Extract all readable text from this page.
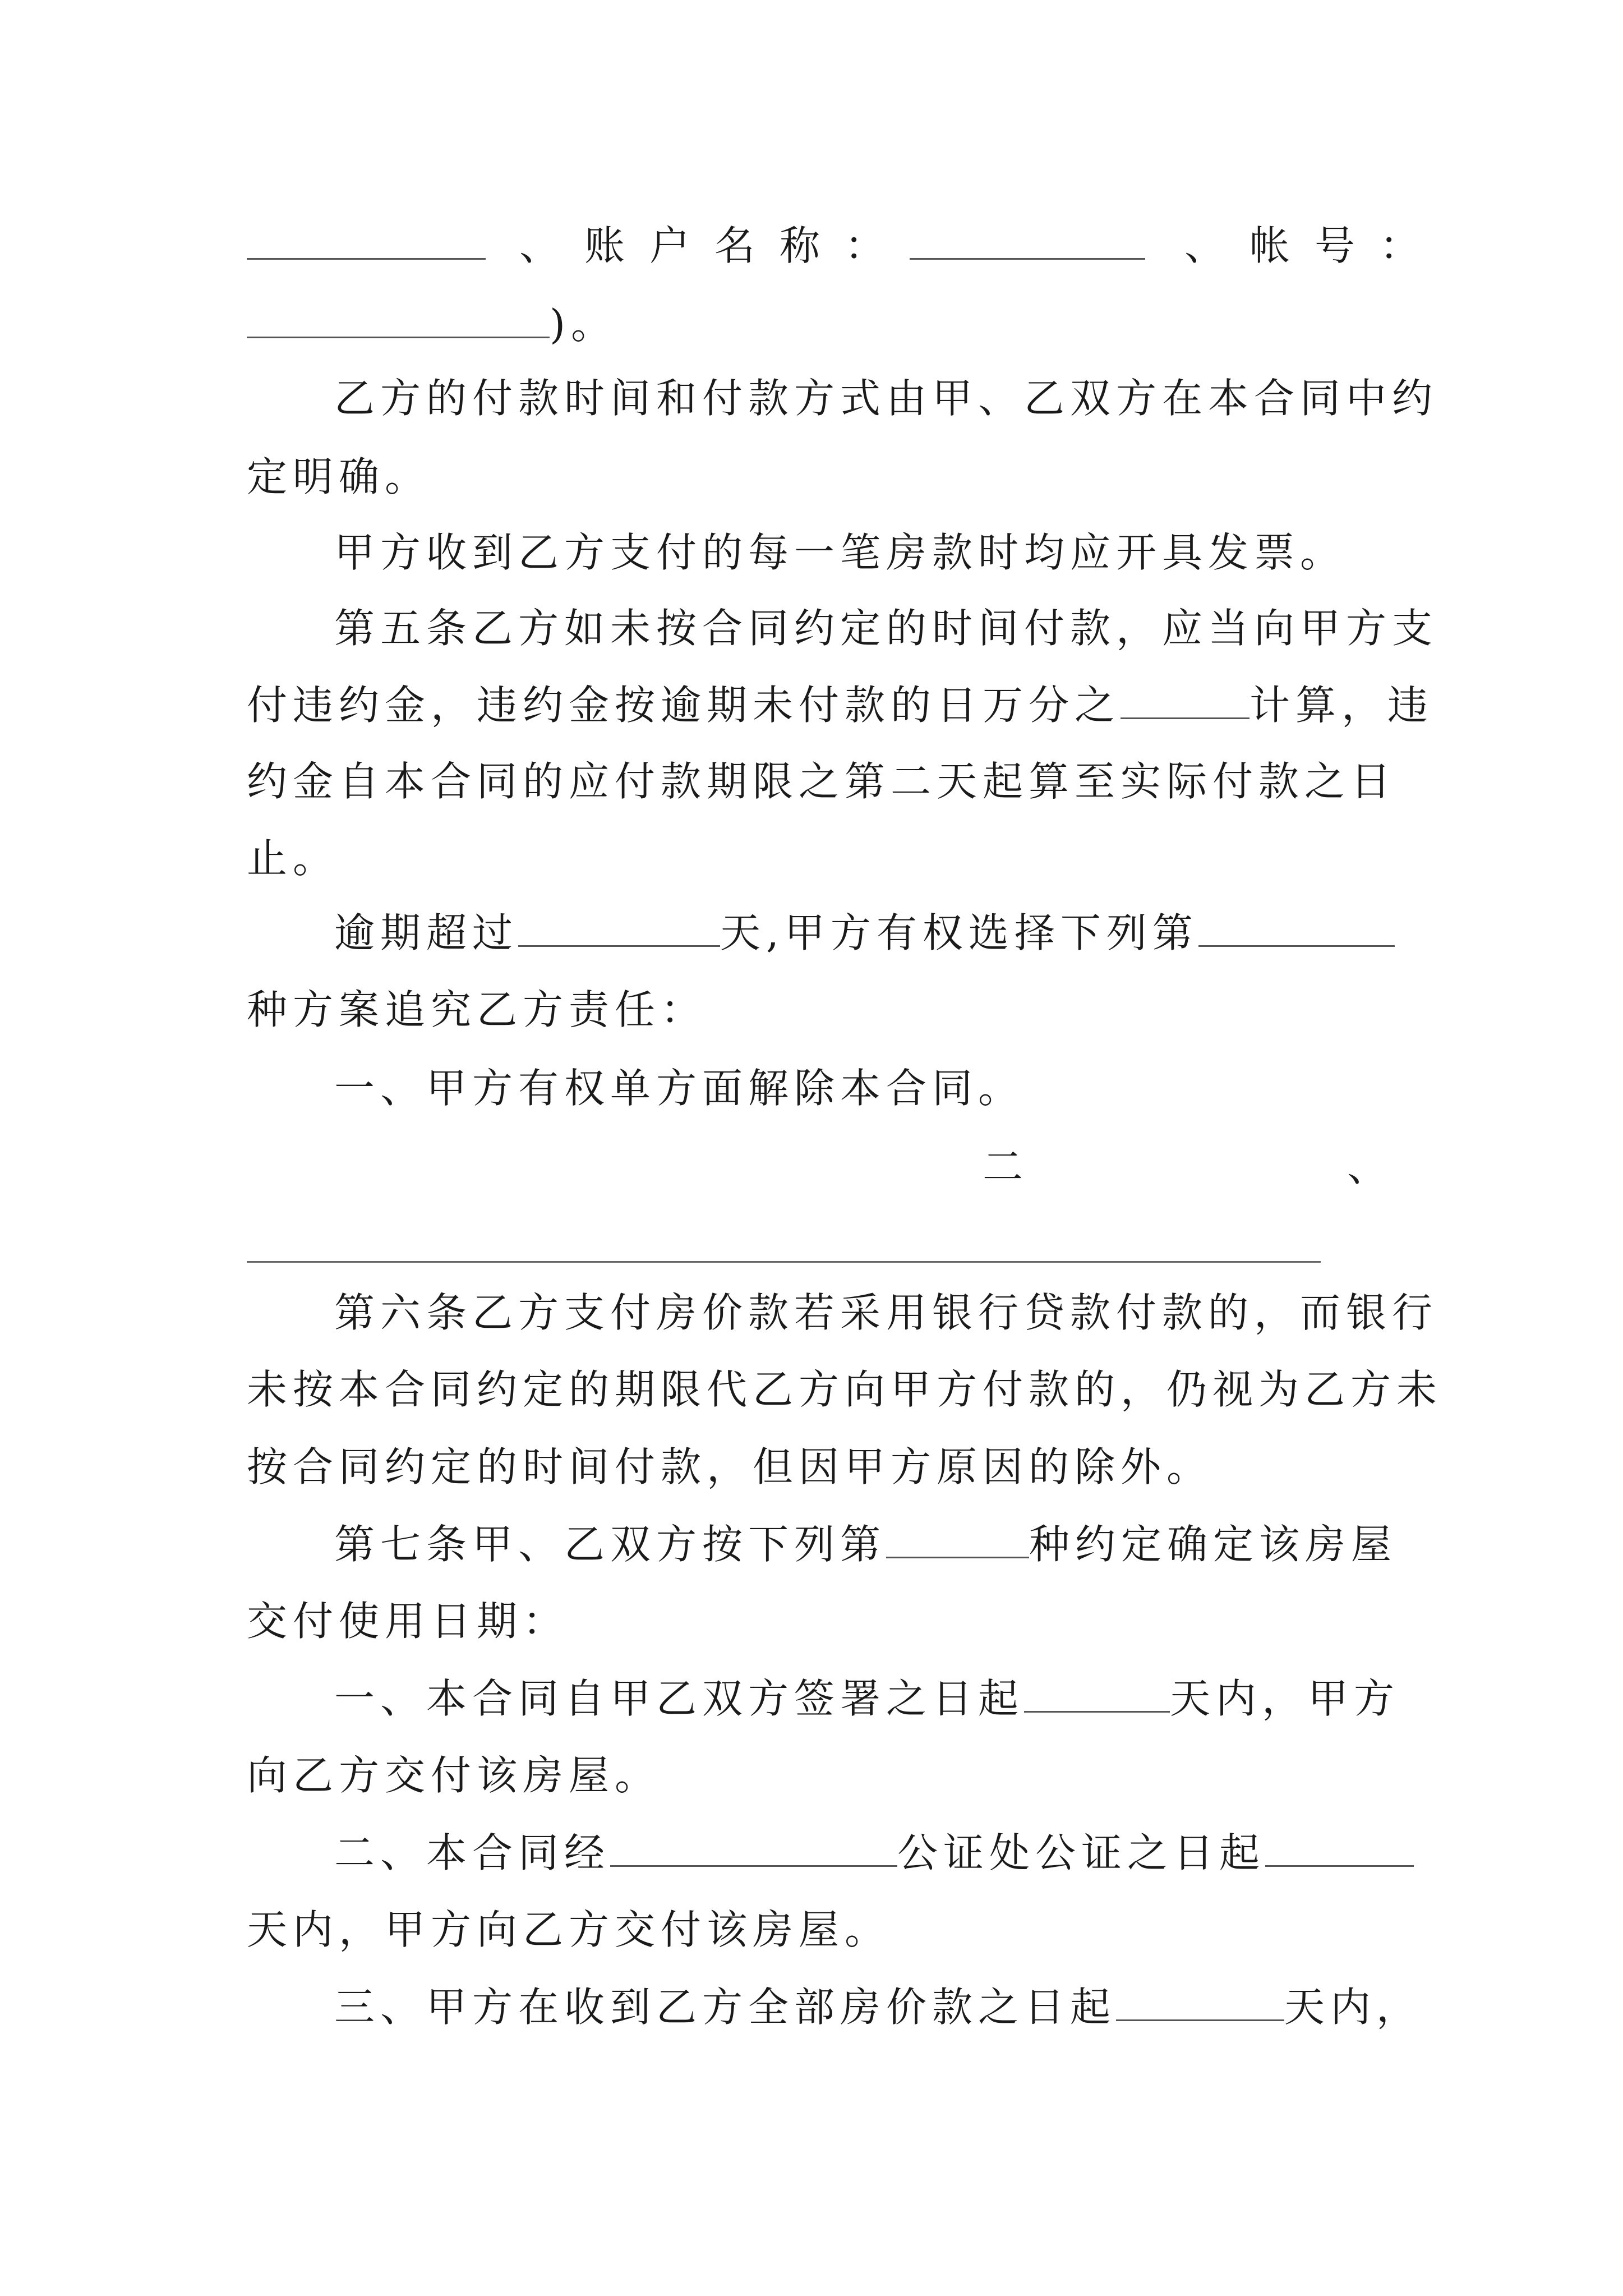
、账户名称：	、帐号：
)。
乙方的付款时间和付款方式由甲、乙双方在本合同中约
定明确。
甲方收到乙方支付的每一笔房款时均应开具发票。
第五条乙方如未按合同约定的时间付款，应当向甲方支
付违约金，违约金按逾期未付款的日万分之	计算，违
约金自本合同的应付款期限之第二天起算至实际付款之日
止。
逾期超过	天,甲方有权选择下列第
种方案追究乙方责任：
一、甲方有权单方面解除本合同。
二	、
第六条乙方支付房价款若采用银行贷款付款的，而银行
未按本合同约定的期限代乙方向甲方付款的，仍视为乙方未
按合同约定的时间付款，但因甲方原因的除外。
第七条甲、乙双方按下列第	种约定确定该房屋
交付使用日期：
一、本合同自甲乙双方签署之日起	天内，甲方
向乙方交付该房屋。
二、本合同经	公证处公证之日起
天内，甲方向乙方交付该房屋。
三、甲方在收到乙方全部房价款之日起	天内，
